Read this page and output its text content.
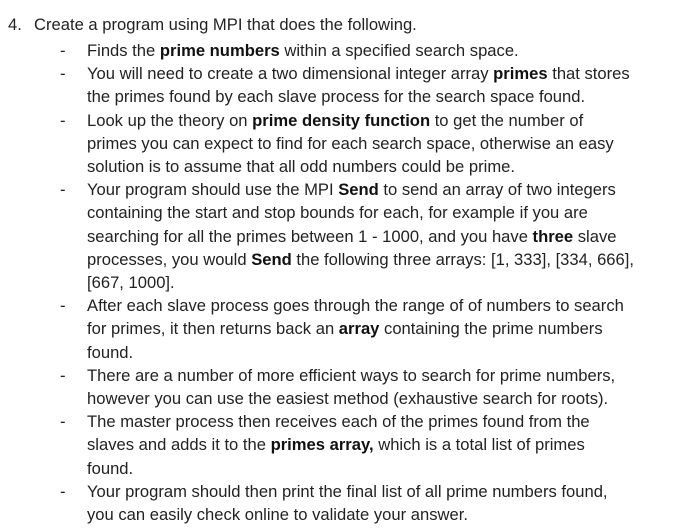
4. Create a program using MPI that does the following.
- Finds the prime numbers within a specified search space.
- You will need to create a two dimensional integer array primes that stores
the primes found by each slave process for the search space found.
- Look up the theory on prime density function to get the number of
primes you can expect to find for each search space, otherwise an easy
solution is to assume that all odd numbers could be prime.
- Your program should use the MPI Send to send an array of two integers
containing the start and stop bounds for each, for example if you are
searching for all the primes between 1 - 1000, and you have three slave
processes, you would Send the following three arrays: [1, 333], [334, 666],
[667, 1000].
- After each slave process goes through the range of of numbers to search
for primes, it then returns back an array containing the prime numbers
found.
- There are a number of more efficient ways to search for prime numbers,
however you can use the easiest method (exhaustive search for roots).
- The master process then receives each of the primes found from the
slaves and adds it to the primes array, which is a total list of primes
found.
- Your program should then print the final list of all prime numbers found,
you can easily check online to validate your answer.
